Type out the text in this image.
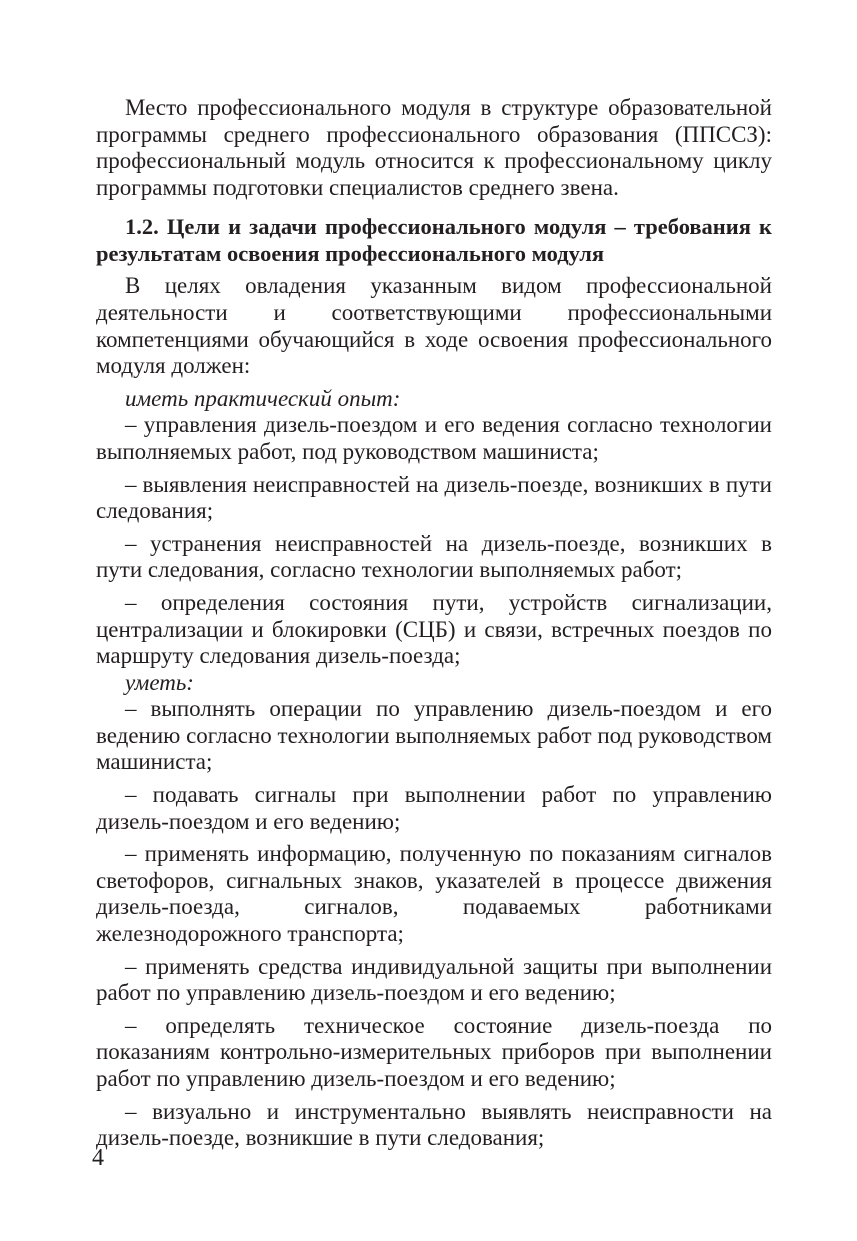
Место профессионального модуля в структуре образовательной программы среднего профессионального образования (ППССЗ): профессиональный модуль относится к профессиональному циклу программы подготовки специалистов среднего звена.

1.2. Цели и задачи профессионального модуля – требования к результатам освоения профессионального модуля

В целях овладения указанным видом профессиональной деятельности и соответствующими профессиональными компетенциями обучающийся в ходе освоения профессионального модуля должен:

иметь практический опыт:

– управления дизель-поездом и его ведения согласно технологии выполняемых работ, под руководством машиниста;

– выявления неисправностей на дизель-поезде, возникших в пути следования;

– устранения неисправностей на дизель-поезде, возникших в пути следования, согласно технологии выполняемых работ;

– определения состояния пути, устройств сигнализации, централизации и блокировки (СЦБ) и связи, встречных поездов по маршруту следования дизель-поезда;

уметь:

– выполнять операции по управлению дизель-поездом и его ведению согласно технологии выполняемых работ под руководством машиниста;

– подавать сигналы при выполнении работ по управлению дизель-поездом и его ведению;

– применять информацию, полученную по показаниям сигналов светофоров, сигнальных знаков, указателей в процессе движения дизель-поезда, сигналов, подаваемых работниками железнодорожного транспорта;

– применять средства индивидуальной защиты при выполнении работ по управлению дизель-поездом и его ведению;

– определять техническое состояние дизель-поезда по показаниям контрольно-измерительных приборов при выполнении работ по управлению дизель-поездом и его ведению;

– визуально и инструментально выявлять неисправности на дизель-поезде, возникшие в пути следования;

4
